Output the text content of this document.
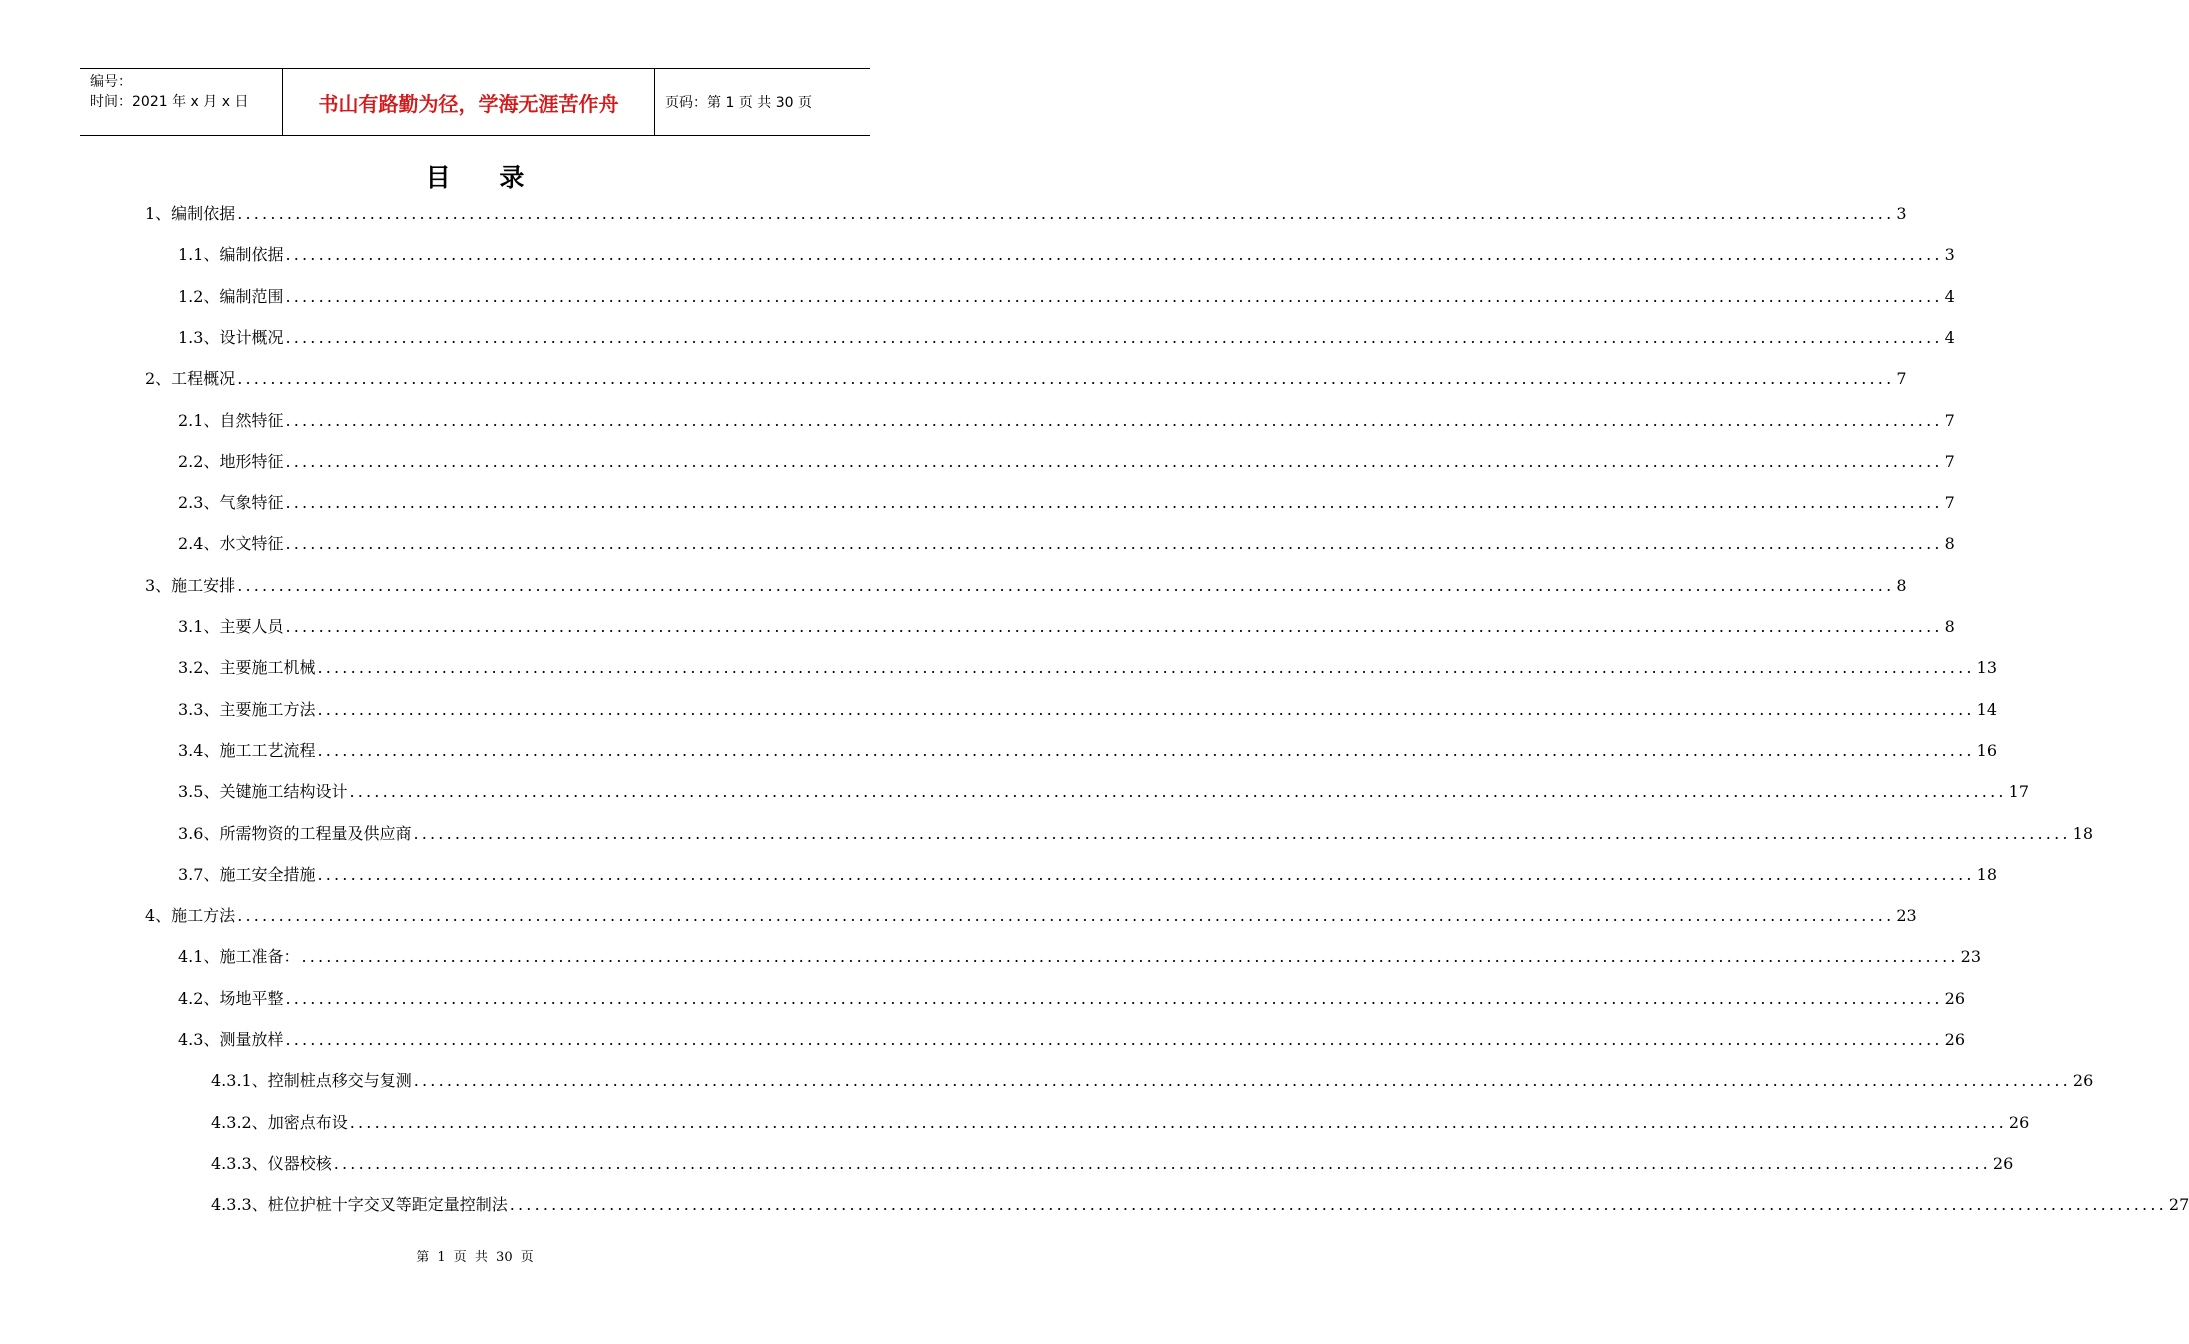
编号：
时间：2021 年 x 月 x 日	书山有路勤为径，学海无涯苦作舟	页码：第 1 页 共 30 页
目 录
1、编制依据 ........................................................................................................................................................................................................ 3
1.1、编制依据 ........................................................................................................................................................................................................ 3
1.2、编制范围 ........................................................................................................................................................................................................ 4
1.3、设计概况 ........................................................................................................................................................................................................ 4
2、工程概况 ........................................................................................................................................................................................................ 7
2.1、自然特征 ........................................................................................................................................................................................................ 7
2.2、地形特征 ........................................................................................................................................................................................................ 7
2.3、气象特征 ........................................................................................................................................................................................................ 7
2.4、水文特征 ........................................................................................................................................................................................................ 8
3、施工安排 ........................................................................................................................................................................................................ 8
3.1、主要人员 ........................................................................................................................................................................................................ 8
3.2、主要施工机械 ........................................................................................................................................................................................................ 13
3.3、主要施工方法 ........................................................................................................................................................................................................ 14
3.4、施工工艺流程 ........................................................................................................................................................................................................ 16
3.5、关键施工结构设计 ........................................................................................................................................................................................................ 17
3.6、所需物资的工程量及供应商 ........................................................................................................................................................................................................ 18
3.7、施工安全措施 ........................................................................................................................................................................................................ 18
4、施工方法 ........................................................................................................................................................................................................ 23
4.1、施工准备： ........................................................................................................................................................................................................ 23
4.2、场地平整 ........................................................................................................................................................................................................ 26
4.3、测量放样 ........................................................................................................................................................................................................ 26
4.3.1、控制桩点移交与复测 ........................................................................................................................................................................................................ 26
4.3.2、加密点布设 ........................................................................................................................................................................................................ 26
4.3.3、仪器校核 ........................................................................................................................................................................................................ 26
4.3.3、桩位护桩十字交叉等距定量控制法 ........................................................................................................................................................................................................ 27
第 1 页 共 30 页
